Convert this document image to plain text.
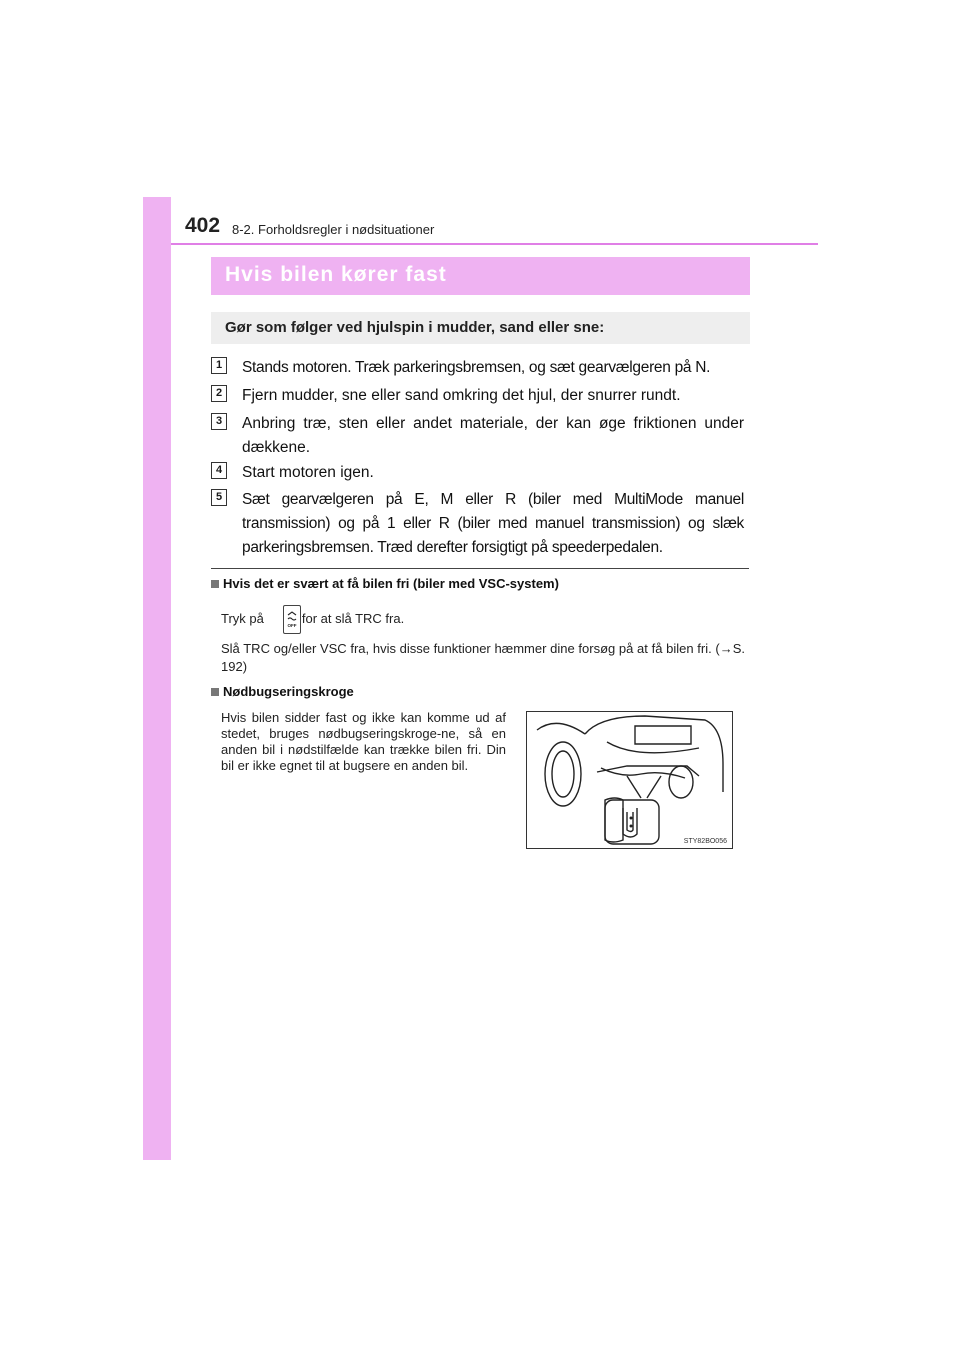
402 8-2. Forholdsregler i nødsituationer
Hvis bilen kører fast
Gør som følger ved hjulspin i mudder, sand eller sne:
1	Stands motoren. Træk parkeringsbremsen, og sæt gearvælgeren på N.
2	Fjern mudder, sne eller sand omkring det hjul, der snurrer rundt.
3	Anbring træ, sten eller andet materiale, der kan øge friktionen under dækkene.
4	Start motoren igen.
5	Sæt gearvælgeren på E, M eller R (biler med MultiMode manuel transmission) og på 1 eller R (biler med manuel transmission) og slæk parkeringsbremsen. Træd derefter forsigtigt på speederpedalen.
Hvis det er svært at få bilen fri (biler med VSC-system)
Tryk på	for at slå TRC fra.
OFF
Slå TRC og/eller VSC fra, hvis disse funktioner hæmmer dine forsøg på at få bilen fri. (→S. 192)
Nødbugseringskroge
Hvis bilen sidder fast og ikke kan komme ud af stedet, bruges nødbugseringskroge-ne, så en anden bil i nødstilfælde kan trække bilen fri. Din bil er ikke egnet til at bugsere en anden bil.
STY82BO056
